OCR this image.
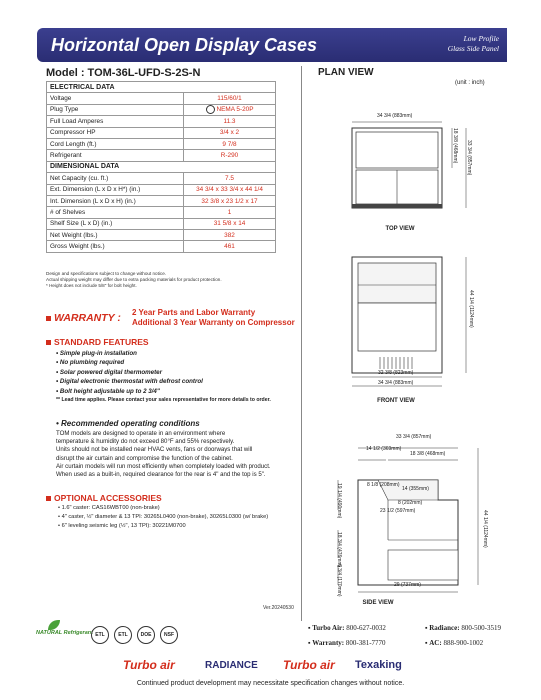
Horizontal Open Display Cases	Low Profile
Glass Side Panel
Model : TOM-36L-UFD-S-2S-N
ELECTRICAL DATA	
Voltage	115/60/1
Plug Type	NEMA 5-20P
Full Load Amperes	11.3
Compressor HP	3/4 x 2
Cord Length (ft.)	9 7/8
Refrigerant	R-290
DIMENSIONAL DATA	
Net Capacity (cu. ft.)	7.5
Ext. Dimension (L x D x H*) (in.)	34 3/4 x 33 3/4 x 44 1/4
Int. Dimension (L x D x H) (in.)	32 3/8 x 23 1/2 x 17
# of Shelves	1
Shelf Size (L x D) (in.)	31 5/8 x 14
Net Weight (lbs.)	382
Gross Weight (lbs.)	461
Design and specifications subject to change without notice.
Actual shipping weight may differ due to extra packing materials for product protection.
* Height does not include 5/8" for bolt height.
WARRANTY : 2 Year Parts and Labor Warranty
Additional 3 Year Warranty on Compressor
STANDARD FEATURES
• Simple plug-in installation
• No plumbing required
• Solar powered digital thermometer
• Digital electronic thermostat with defrost control
• Bolt height adjustable up to 2 3/4"
** Lead time applies. Please contact your sales representative for more details to order.
• Recommended operating conditions
TOM models are designed to operate in an environment where
temperature & humidity do not exceed 80°F and 55% respectively.
Units should not be installed near HVAC vents, fans or doorways that will
disrupt the air curtain and compromise the function of the cabinet.
Air curtain models will run most efficiently when completely loaded with product.
When used as a built-in, required clearance for the rear is 4" and the top is 5".
OPTIONAL ACCESSORIES
• 1.6" caster: CAS16WBT00 (non-brake)
• 4" caster, ½" diameter & 13 TPI: 30265L0400 (non-brake), 30265L0300 (w/ brake)
• 6" leveling seismic leg (½", 13 TPI): 30221M0700
Ver.20240530
PLAN VIEW
(unit : inch)
34 3/4 (883mm)
18 3/8 (468mm) 33 3/4 (857mm)
TOP VIEW
44 1/4 (1124mm)
32 3/8 (823mm)
34 3/4 (883mm)
FRONT VIEW
33 3/4 (857mm)
14 1/2 (369mm)
18 3/8 (468mm)
8 1/8 (208mm)
14 (355mm)
23 1/2 (597mm)
8 (202mm)
19 1/4 (490mm)
18 3/4 (476mm)
6 3/4 (170mm)
44 1/4 (1124mm)
29 (737mm)
SIDE VIEW
NATURAL Refrigerant ETL	ETL	DOE	NSF
▪ Turbo Air: 800-627-0032	▪ Radiance: 800-500-3519
▪ Warranty: 800-381-7770	▪ AC: 888-900-1002
Turbo air	RADIANCE Turbo air Texaking
Continued product development may necessitate specification changes without notice.
